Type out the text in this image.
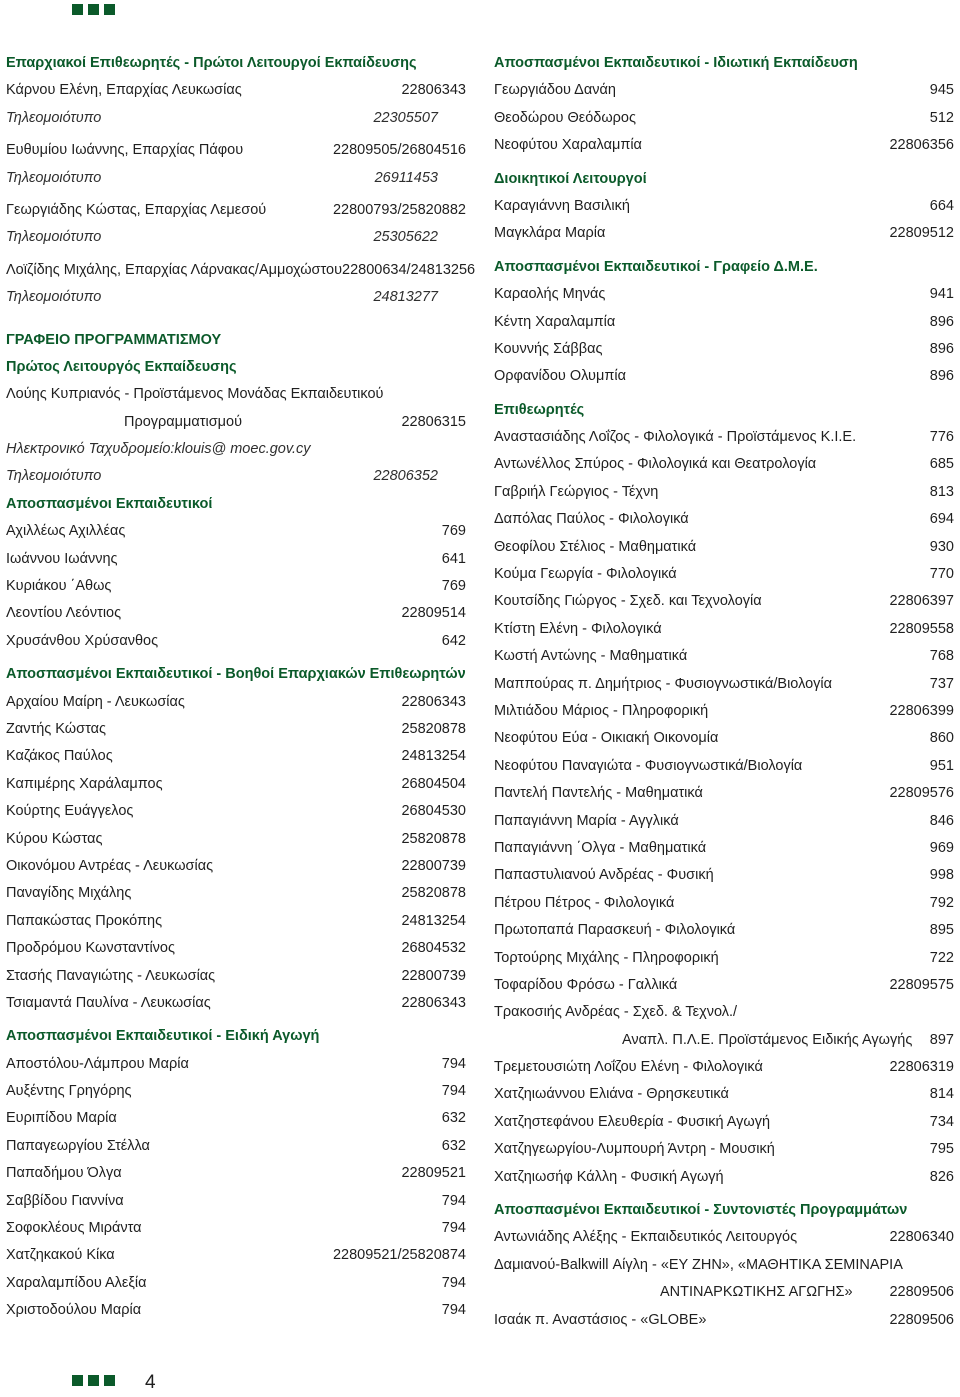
Επαρχιακοί Επιθεωρητές - Πρώτοι Λειτουργοί Εκπαίδευσης
Κάρνου Ελένη, Επαρχίας Λευκωσίας	22806343
Τηλεομοιότυπο	22305507
Ευθυμίου Ιωάννης, Επαρχίας Πάφου	22809505/26804516
Τηλεομοιότυπο	26911453
Γεωργιάδης Κώστας, Επαρχίας Λεμεσού	22800793/25820882
Τηλεομοιότυπο	25305622
Λοϊζίδης Μιχάλης, Επαρχίας Λάρνακας/Αμμοχώστου 22800634/24813256
Τηλεομοιότυπο	24813277
ΓΡΑΦΕΙΟ ΠΡΟΓΡΑΜΜΑΤΙΣΜΟΥ
Πρώτος Λειτουργός Εκπαίδευσης
Λούης Κυπριανός - Προϊστάμενος Μονάδας Εκπαιδευτικού
Προγραμματισμού	22806315
Ηλεκτρονικό Ταχυδρομείο:klouis@ moec.gov.cy
Τηλεομοιότυπο	22806352
Αποσπασμένοι Εκπαιδευτικοί
Αχιλλέως Αχιλλέας	769
Ιωάννου Ιωάννης	641
Κυριάκου ΄Αθως	769
Λεοντίου Λεόντιος	22809514
Χρυσάνθου Χρύσανθος	642
Αποσπασμένοι Εκπαιδευτικοί - Βοηθοί Επαρχιακών Επιθεωρητών
Αρχαίου Μαίρη - Λευκωσίας	22806343
Ζαντής Κώστας	25820878
Καζάκος Παύλος	24813254
Καπιμέρης Χαράλαμπος	26804504
Κούρτης Ευάγγελος	26804530
Κύρου Κώστας	25820878
Οικονόμου Αντρέας - Λευκωσίας	22800739
Παναγίδης Μιχάλης	25820878
Παπακώστας Προκόπης	24813254
Προδρόμου Κωνσταντίνος	26804532
Στασής Παναγιώτης - Λευκωσίας	22800739
Τσιαμαντά Παυλίνα - Λευκωσίας	22806343
Αποσπασμένοι Εκπαιδευτικοί - Ειδική Αγωγή
Αποστόλου-Λάμπρου Μαρία	794
Αυξέντης Γρηγόρης	794
Ευριπίδου Μαρία	632
Παπαγεωργίου Στέλλα	632
Παπαδήμου Όλγα	22809521
Σαββίδου Γιαννίνα	794
Σοφοκλέους Μιράντα	794
Χατζηκακού Κίκα	22809521/25820874
Χαραλαμπίδου Αλεξία	794
Χριστοδούλου Μαρία	794
Αποσπασμένοι Εκπαιδευτικοί - Ιδιωτική Εκπαίδευση
Γεωργιάδου Δανάη	945
Θεοδώρου Θεόδωρος	512
Νεοφύτου Χαραλαμπία	22806356
Διοικητικοί Λειτουργοί
Καραγιάννη Βασιλική	664
Μαγκλάρα Μαρία	22809512
Αποσπασμένοι Εκπαιδευτικοί - Γραφείο Δ.Μ.Ε.
Καραολής Μηνάς	941
Κέντη Χαραλαμπία	896
Κουννής Σάββας	896
Ορφανίδου Ολυμπία	896
Επιθεωρητές
Αναστασιάδης Λοΐζος - Φιλολογικά - Προϊστάμενος Κ.Ι.Ε.	776
Αντωνέλλος Σπύρος - Φιλολογικά και Θεατρολογία	685
Γαβριήλ Γεώργιος - Τέχνη	813
Δαπόλας Παύλος - Φιλολογικά	694
Θεοφίλου Στέλιος - Μαθηματικά	930
Κούμα Γεωργία - Φιλολογικά	770
Κουτσίδης Γιώργος - Σχεδ. και Τεχνολογία	22806397
Κτίστη Ελένη - Φιλολογικά	22809558
Κωστή Αντώνης - Μαθηματικά	768
Μαππούρας π. Δημήτριος - Φυσιογνωστικά/Βιολογία	737
Μιλτιάδου Μάριος - Πληροφορική	22806399
Νεοφύτου Εύα - Οικιακή Οικονομία	860
Νεοφύτου Παναγιώτα - Φυσιογνωστικά/Βιολογία	951
Παντελή Παντελής - Μαθηματικά	22809576
Παπαγιάννη Μαρία - Αγγλικά	846
Παπαγιάννη ΄Ολγα - Μαθηματικά	969
Παπαστυλιανού Ανδρέας - Φυσική	998
Πέτρου Πέτρος - Φιλολογικά	792
Πρωτοπαπά Παρασκευή - Φιλολογικά	895
Τορτούρης Μιχάλης - Πληροφορική	722
Τοφαρίδου Φρόσω - Γαλλικά	22809575
Τρακοσιής Ανδρέας - Σχεδ. & Τεχνολ./
Αναπλ. Π.Λ.Ε. Προϊστάμενος Ειδικής Αγωγής 897
Τρεμετουσιώτη Λοΐζου Ελένη - Φιλολογικά	22806319
Χατζηιωάννου Ελιάνα - Θρησκευτικά	814
Χατζηστεφάνου Ελευθερία - Φυσική Αγωγή	734
Χατζηγεωργίου-Λυμπουρή Άντρη - Μουσική	795
Χατζηιωσήφ Κάλλη - Φυσική Αγωγή	826
Αποσπασμένοι Εκπαιδευτικοί - Συντονιστές Προγραμμάτων
Αντωνιάδης Αλέξης - Εκπαιδευτικός Λειτουργός	22806340
Δαμιανού-Balkwill Αίγλη - «ΕΥ ΖΗΝ», «ΜΑΘΗΤΙΚΑ ΣΕΜΙΝΑΡΙΑ
ΑΝΤΙΝΑΡΚΩΤΙΚΗΣ ΑΓΩΓΗΣ»	22809506
Ισαάκ π. Αναστάσιος - «GLOBE»	22809506
4
